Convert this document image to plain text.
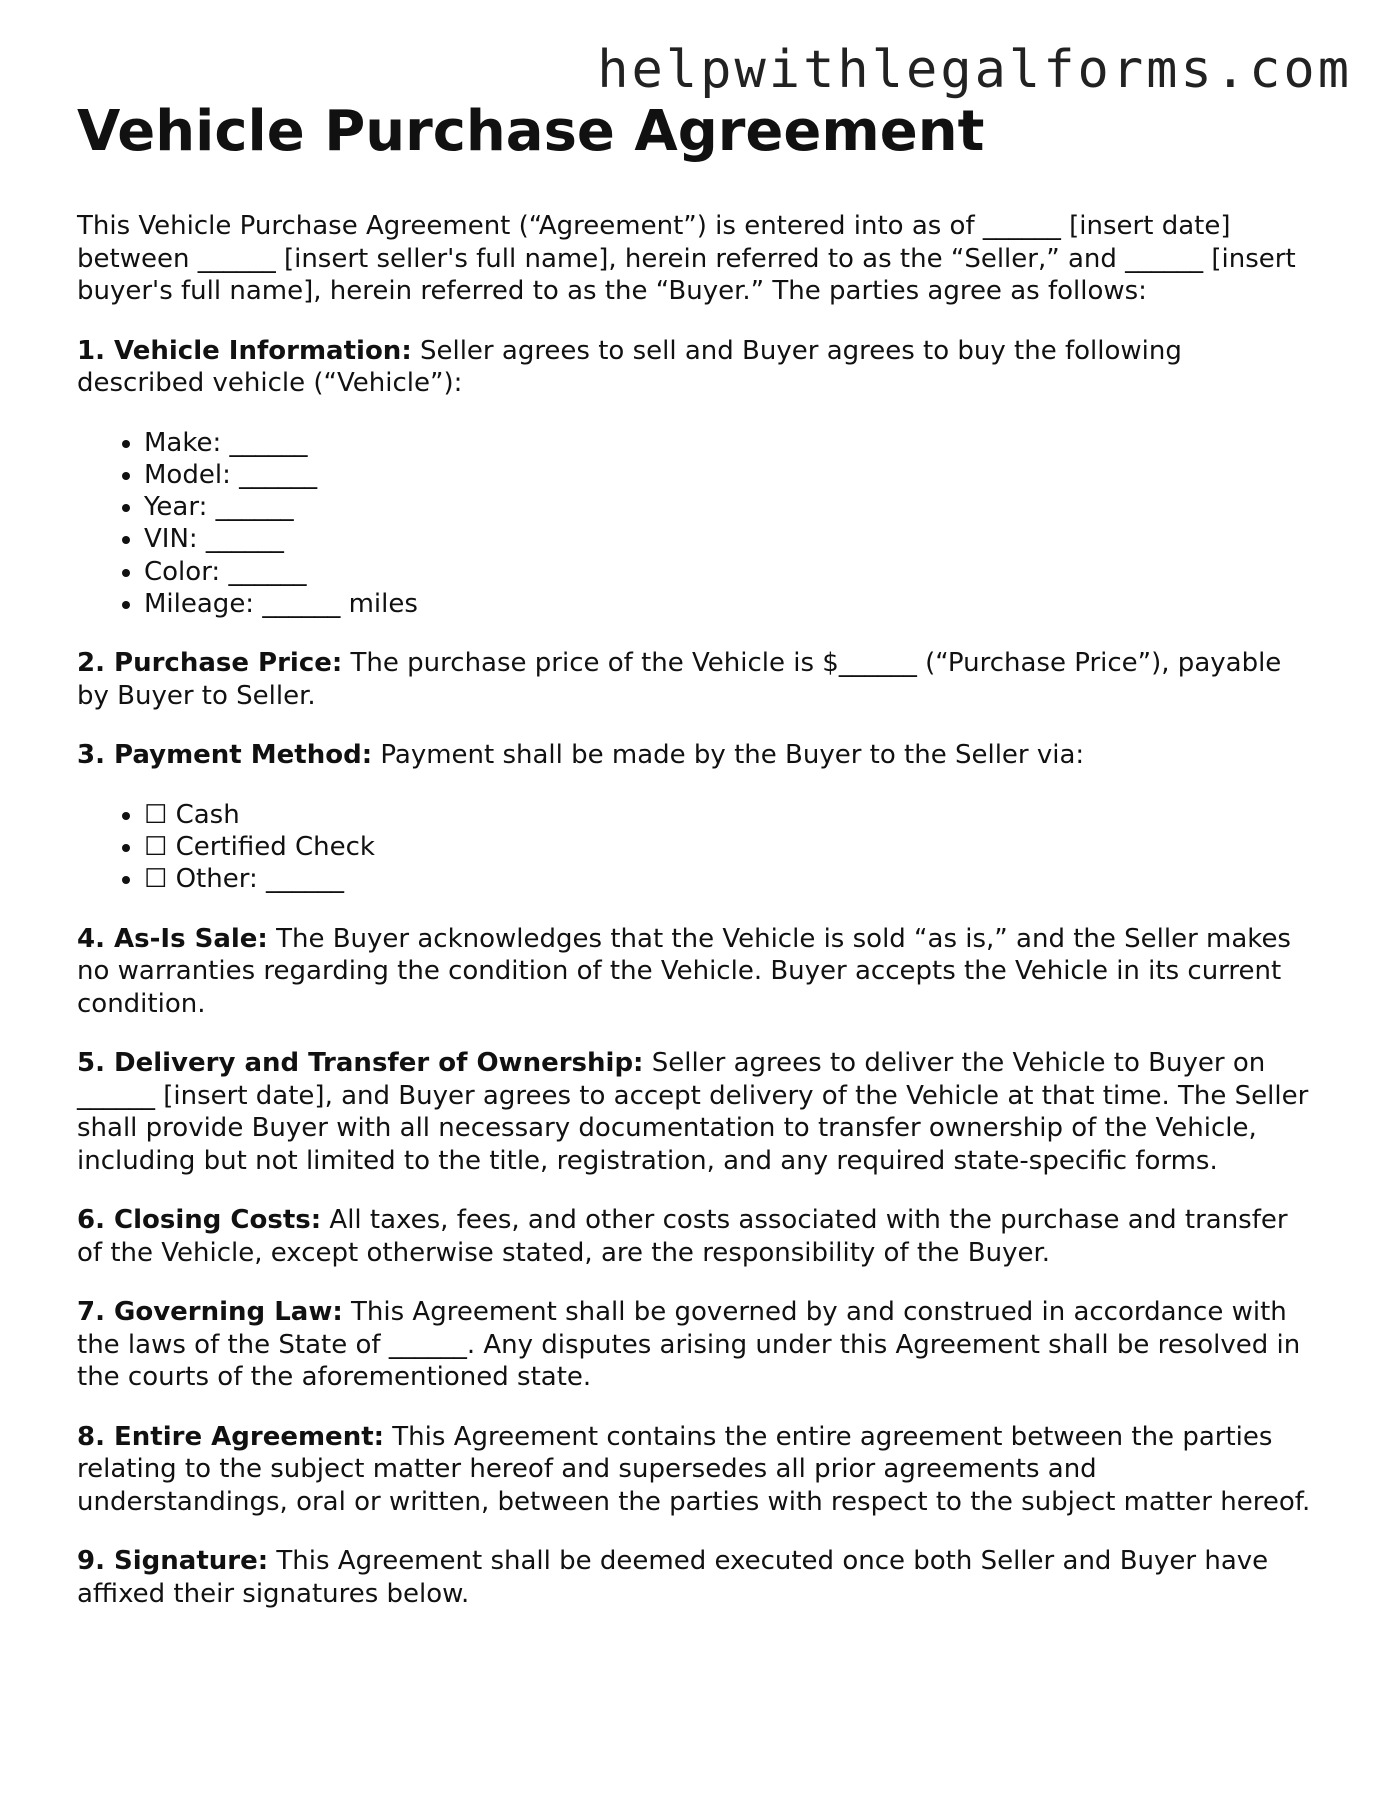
helpwithlegalforms.com
Vehicle Purchase Agreement

This Vehicle Purchase Agreement (“Agreement”) is entered into as of ______ [insert date] between ______ [insert seller's full name], herein referred to as the “Seller,” and ______ [insert buyer's full name], herein referred to as the “Buyer.” The parties agree as follows:

1. Vehicle Information: Seller agrees to sell and Buyer agrees to buy the following described vehicle (“Vehicle”):

• Make: ______
• Model: ______
• Year: ______
• VIN: ______
• Color: ______
• Mileage: ______ miles

2. Purchase Price: The purchase price of the Vehicle is $______ (“Purchase Price”), payable by Buyer to Seller.

3. Payment Method: Payment shall be made by the Buyer to the Seller via:

• ☐ Cash
• ☐ Certified Check
• ☐ Other: ______

4. As-Is Sale: The Buyer acknowledges that the Vehicle is sold “as is,” and the Seller makes no warranties regarding the condition of the Vehicle. Buyer accepts the Vehicle in its current condition.

5. Delivery and Transfer of Ownership: Seller agrees to deliver the Vehicle to Buyer on ______ [insert date], and Buyer agrees to accept delivery of the Vehicle at that time. The Seller shall provide Buyer with all necessary documentation to transfer ownership of the Vehicle, including but not limited to the title, registration, and any required state-specific forms.

6. Closing Costs: All taxes, fees, and other costs associated with the purchase and transfer of the Vehicle, except otherwise stated, are the responsibility of the Buyer.

7. Governing Law: This Agreement shall be governed by and construed in accordance with the laws of the State of ______. Any disputes arising under this Agreement shall be resolved in the courts of the aforementioned state.

8. Entire Agreement: This Agreement contains the entire agreement between the parties relating to the subject matter hereof and supersedes all prior agreements and understandings, oral or written, between the parties with respect to the subject matter hereof.

9. Signature: This Agreement shall be deemed executed once both Seller and Buyer have affixed their signatures below.
